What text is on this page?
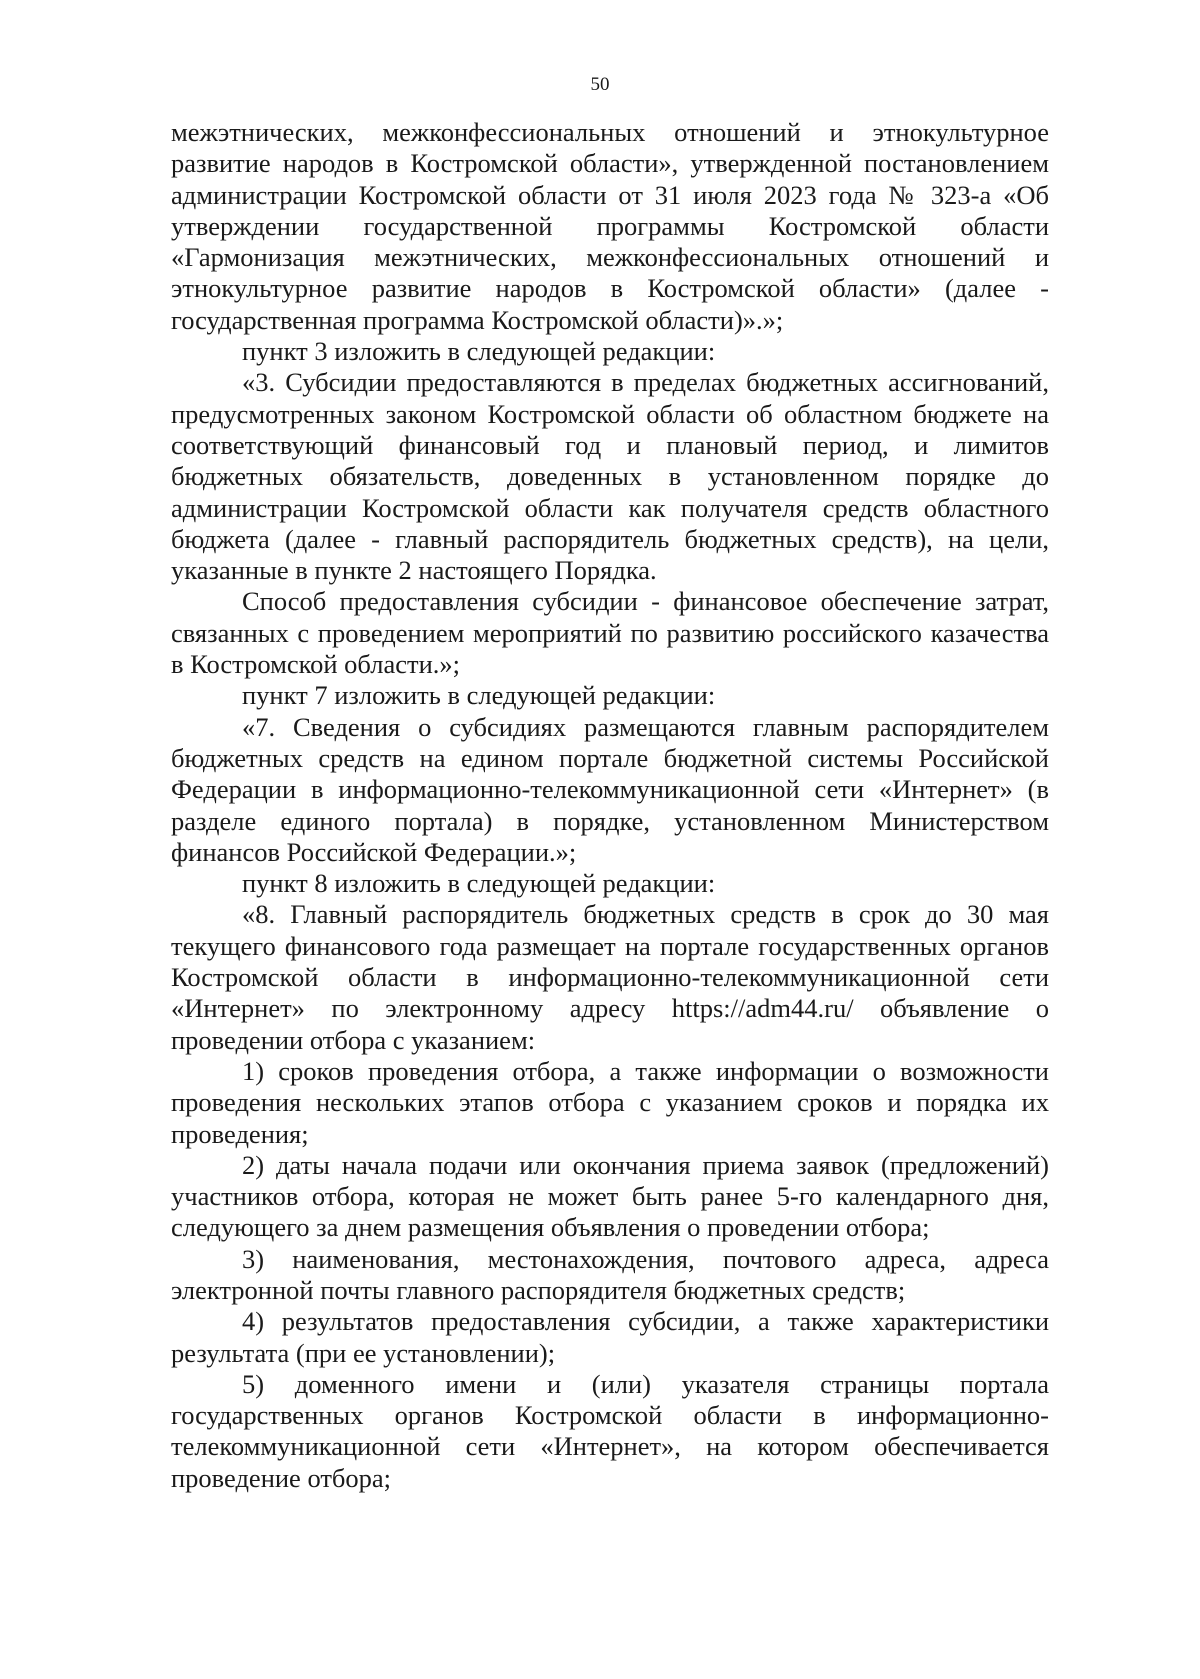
50

межэтнических, межконфессиональных отношений и этнокультурное развитие народов в Костромской области», утвержденной постановлением администрации Костромской области от 31 июля 2023 года № 323-а «Об утверждении государственной программы Костромской области «Гармонизация межэтнических, межконфессиональных отношений и этнокультурное развитие народов в Костромской области» (далее - государственная программа Костромской области)».»;

пункт 3 изложить в следующей редакции:

«3. Субсидии предоставляются в пределах бюджетных ассигнований, предусмотренных законом Костромской области об областном бюджете на соответствующий финансовый год и плановый период, и лимитов бюджетных обязательств, доведенных в установленном порядке до администрации Костромской области как получателя средств областного бюджета (далее - главный распорядитель бюджетных средств), на цели, указанные в пункте 2 настоящего Порядка.

Способ предоставления субсидии - финансовое обеспечение затрат, связанных с проведением мероприятий по развитию российского казачества в Костромской области.»;

пункт 7 изложить в следующей редакции:

«7. Сведения о субсидиях размещаются главным распорядителем бюджетных средств на едином портале бюджетной системы Российской Федерации в информационно-телекоммуникационной сети «Интернет» (в разделе единого портала) в порядке, установленном Министерством финансов Российской Федерации.»;

пункт 8 изложить в следующей редакции:

«8. Главный распорядитель бюджетных средств в срок до 30 мая текущего финансового года размещает на портале государственных органов Костромской области в информационно-телекоммуникационной сети «Интернет» по электронному адресу https://adm44.ru/ объявление о проведении отбора с указанием:

1) сроков проведения отбора, а также информации о возможности проведения нескольких этапов отбора с указанием сроков и порядка их проведения;

2) даты начала подачи или окончания приема заявок (предложений) участников отбора, которая не может быть ранее 5-го календарного дня, следующего за днем размещения объявления о проведении отбора;

3) наименования, местонахождения, почтового адреса, адреса электронной почты главного распорядителя бюджетных средств;

4) результатов предоставления субсидии, а также характеристики результата (при ее установлении);

5) доменного имени и (или) указателя страницы портала государственных органов Костромской области в информационно-телекоммуникационной сети «Интернет», на котором обеспечивается проведение отбора;
